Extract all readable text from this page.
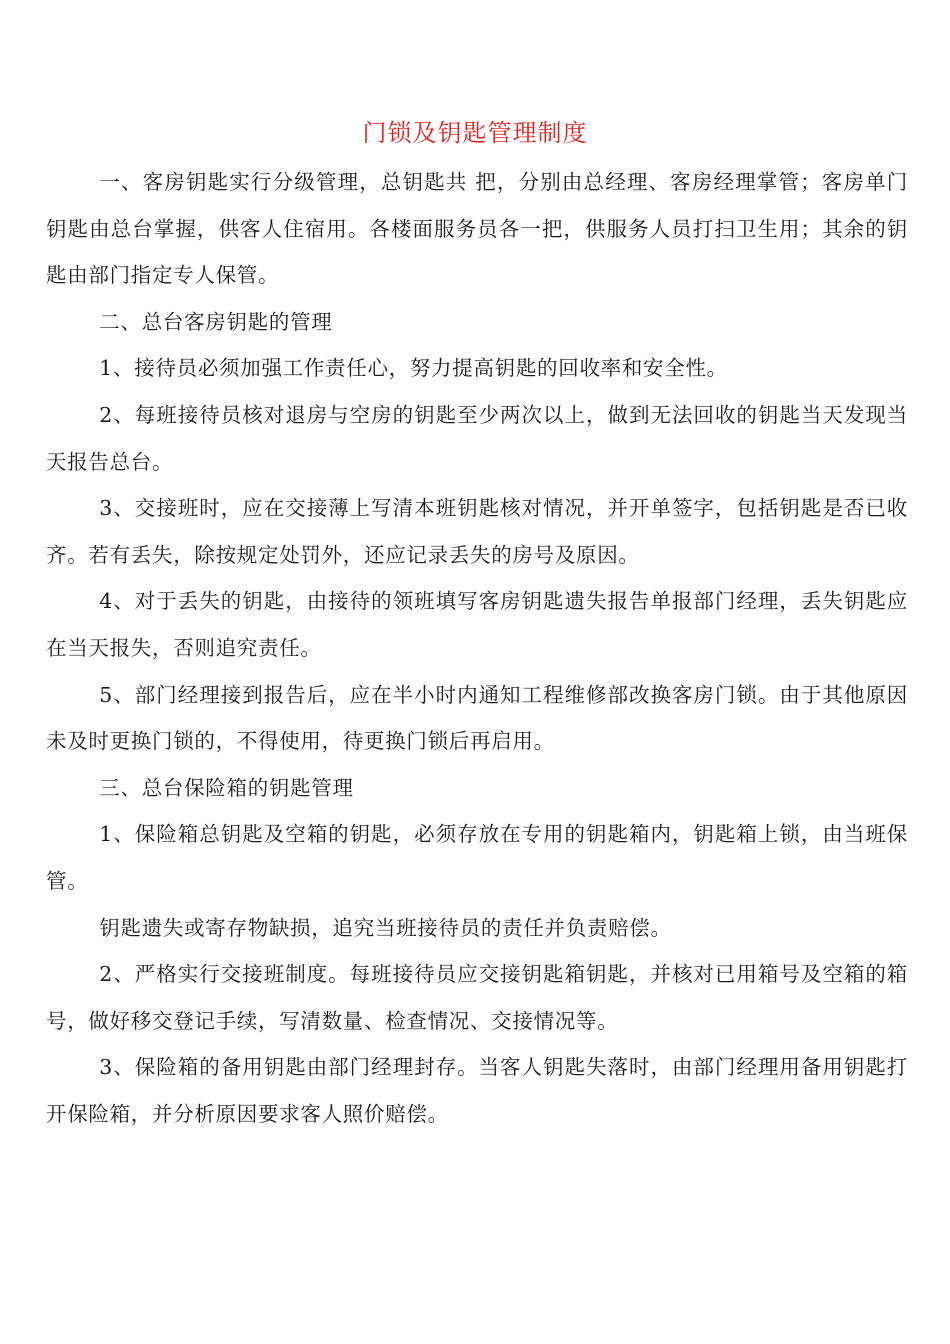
门锁及钥匙管理制度

一、客房钥匙实行分级管理，总钥匙共 把，分别由总经理、客房经理掌管；客房单门钥匙由总台掌握，供客人住宿用。各楼面服务员各一把，供服务人员打扫卫生用；其余的钥匙由部门指定专人保管。

二、总台客房钥匙的管理

1、接待员必须加强工作责任心，努力提高钥匙的回收率和安全性。

2、每班接待员核对退房与空房的钥匙至少两次以上，做到无法回收的钥匙当天发现当天报告总台。

3、交接班时，应在交接薄上写清本班钥匙核对情况，并开单签字，包括钥匙是否已收齐。若有丢失，除按规定处罚外，还应记录丢失的房号及原因。

4、对于丢失的钥匙，由接待的领班填写客房钥匙遗失报告单报部门经理，丢失钥匙应在当天报失，否则追究责任。

5、部门经理接到报告后，应在半小时内通知工程维修部改换客房门锁。由于其他原因未及时更换门锁的，不得使用，待更换门锁后再启用。

三、总台保险箱的钥匙管理

1、保险箱总钥匙及空箱的钥匙，必须存放在专用的钥匙箱内，钥匙箱上锁，由当班保管。

钥匙遗失或寄存物缺损，追究当班接待员的责任并负责赔偿。

2、严格实行交接班制度。每班接待员应交接钥匙箱钥匙，并核对已用箱号及空箱的箱号，做好移交登记手续，写清数量、检查情况、交接情况等。

3、保险箱的备用钥匙由部门经理封存。当客人钥匙失落时，由部门经理用备用钥匙打开保险箱，并分析原因要求客人照价赔偿。
